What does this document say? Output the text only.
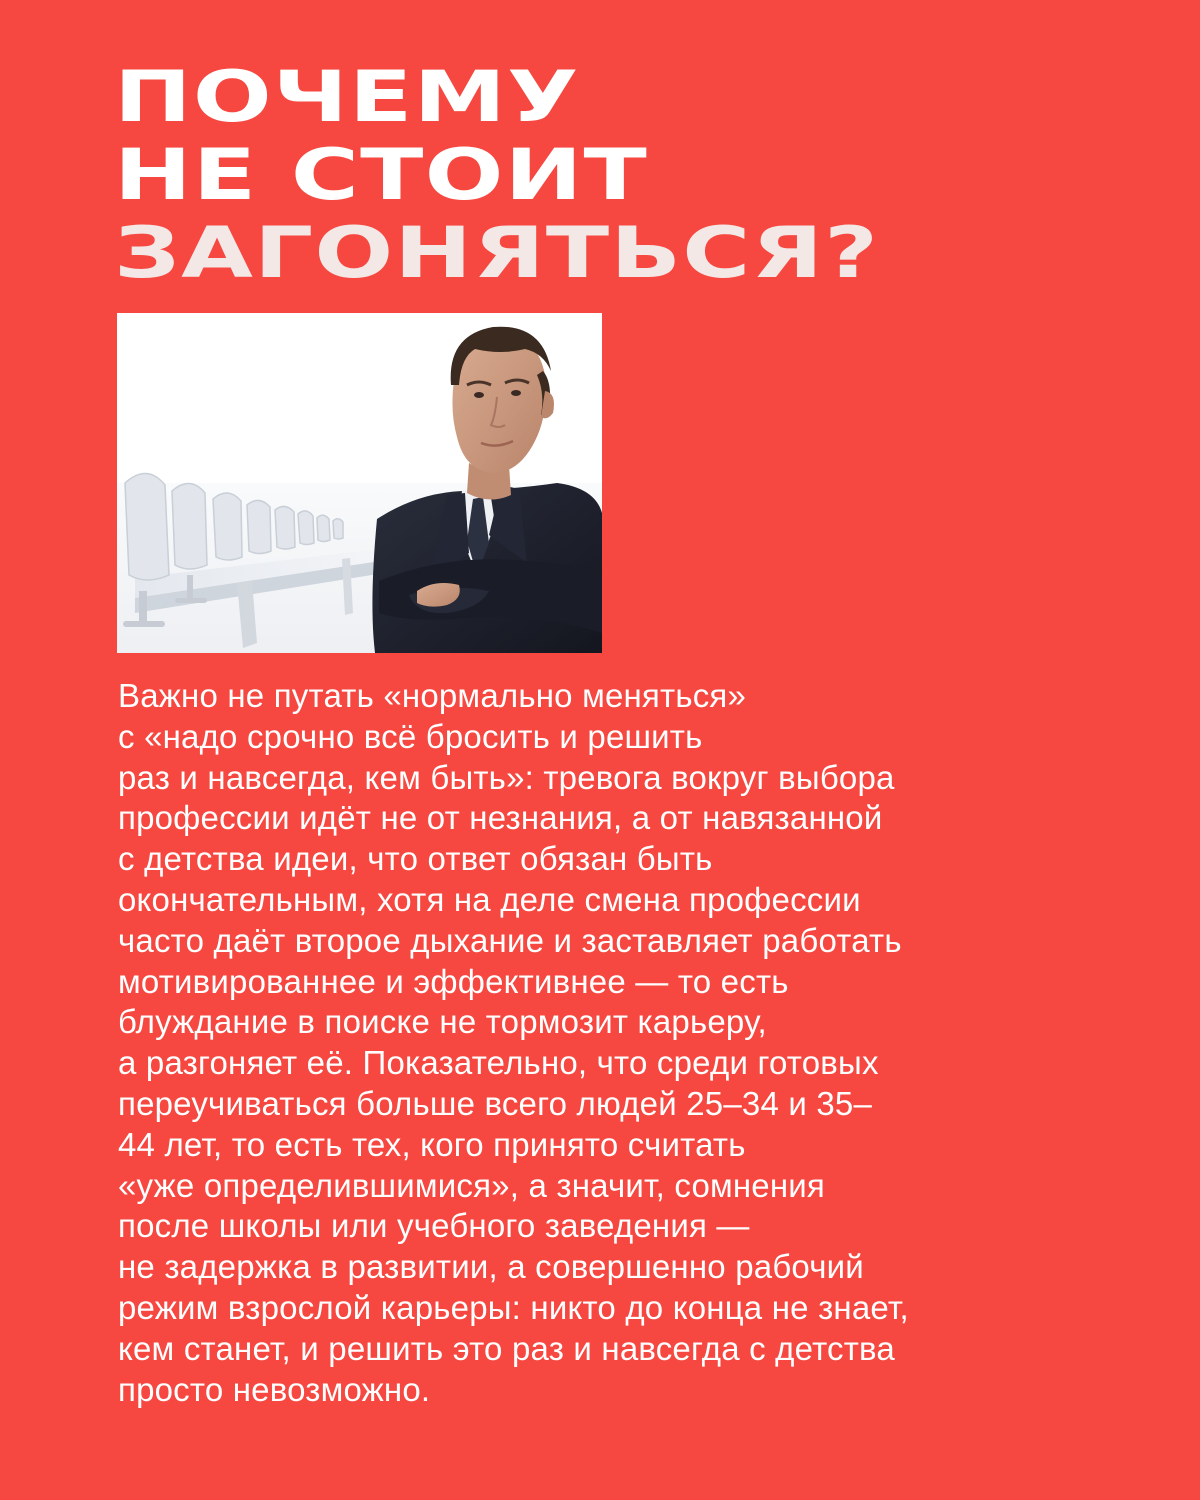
ПОЧЕМУ
НЕ СТОИТ
ЗАГОНЯТЬСЯ?

Важно не путать «нормально меняться»
с «надо срочно всё бросить и решить
раз и навсегда, кем быть»: тревога вокруг выбора
профессии идёт не от незнания, а от навязанной
с детства идеи, что ответ обязан быть
окончательным, хотя на деле смена профессии
часто даёт второе дыхание и заставляет работать
мотивированнее и эффективнее — то есть
блуждание в поиске не тормозит карьеру,
а разгоняет её. Показательно, что среди готовых
переучиваться больше всего людей 25–34 и 35–
44 лет, то есть тех, кого принято считать
«уже определившимися», а значит, сомнения
после школы или учебного заведения —
не задержка в развитии, а совершенно рабочий
режим взрослой карьеры: никто до конца не знает,
кем станет, и решить это раз и навсегда с детства
просто невозможно.
